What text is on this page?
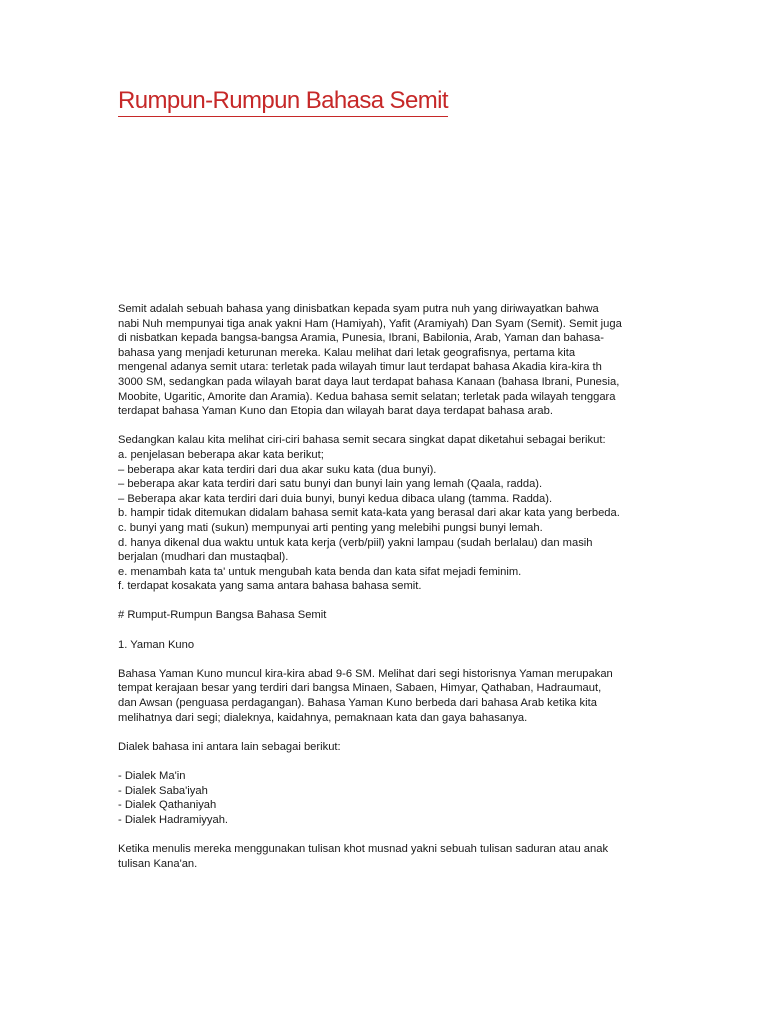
Rumpun-Rumpun Bahasa Semit

Semit adalah sebuah bahasa yang dinisbatkan kepada syam putra nuh yang diriwayatkan bahwa

nabi Nuh mempunyai tiga anak yakni Ham (Hamiyah), Yafit (Aramiyah) Dan Syam (Semit). Semit juga

di nisbatkan kepada bangsa-bangsa Aramia, Punesia, Ibrani, Babilonia, Arab, Yaman dan bahasa-

bahasa yang menjadi keturunan mereka. Kalau melihat dari letak geografisnya, pertama kita

mengenal adanya semit utara: terletak pada wilayah timur laut terdapat bahasa Akadia kira-kira th

3000 SM, sedangkan pada wilayah barat daya laut terdapat bahasa Kanaan (bahasa Ibrani, Punesia,

Moobite, Ugaritic, Amorite dan Aramia). Kedua bahasa semit selatan; terletak pada wilayah tenggara

terdapat bahasa Yaman Kuno dan Etopia dan wilayah barat daya terdapat bahasa arab.

Sedangkan kalau kita melihat ciri-ciri bahasa semit secara singkat dapat diketahui sebagai berikut:

a. penjelasan beberapa akar kata berikut;

– beberapa akar kata terdiri dari dua akar suku kata (dua bunyi).

– beberapa akar kata terdiri dari satu bunyi dan bunyi lain yang lemah (Qaala, radda).

– Beberapa akar kata terdiri dari duia bunyi, bunyi kedua dibaca ulang (tamma. Radda).

b. hampir tidak ditemukan didalam bahasa semit kata-kata yang berasal dari akar kata yang berbeda.

c. bunyi yang mati (sukun) mempunyai arti penting yang melebihi pungsi bunyi lemah.

d. hanya dikenal dua waktu untuk kata kerja (verb/piil) yakni lampau (sudah berlalau) dan masih

berjalan (mudhari dan mustaqbal).

e. menambah kata ta' untuk mengubah kata benda dan kata sifat mejadi feminim.

f. terdapat kosakata yang sama antara bahasa bahasa semit.

# Rumput-Rumpun Bangsa Bahasa Semit

1. Yaman Kuno

Bahasa Yaman Kuno muncul kira-kira abad 9-6 SM. Melihat dari segi historisnya Yaman merupakan

tempat kerajaan besar yang terdiri dari bangsa Minaen, Sabaen, Himyar, Qathaban, Hadraumaut,

dan Awsan (penguasa perdagangan). Bahasa Yaman Kuno berbeda dari bahasa Arab ketika kita

melihatnya dari segi; dialeknya, kaidahnya, pemaknaan kata dan gaya bahasanya.

Dialek bahasa ini antara lain sebagai berikut:

- Dialek Ma'in

- Dialek Saba'iyah

- Dialek Qathaniyah

- Dialek Hadramiyyah.

Ketika menulis mereka menggunakan tulisan khot musnad yakni sebuah tulisan saduran atau anak

tulisan Kana'an.
